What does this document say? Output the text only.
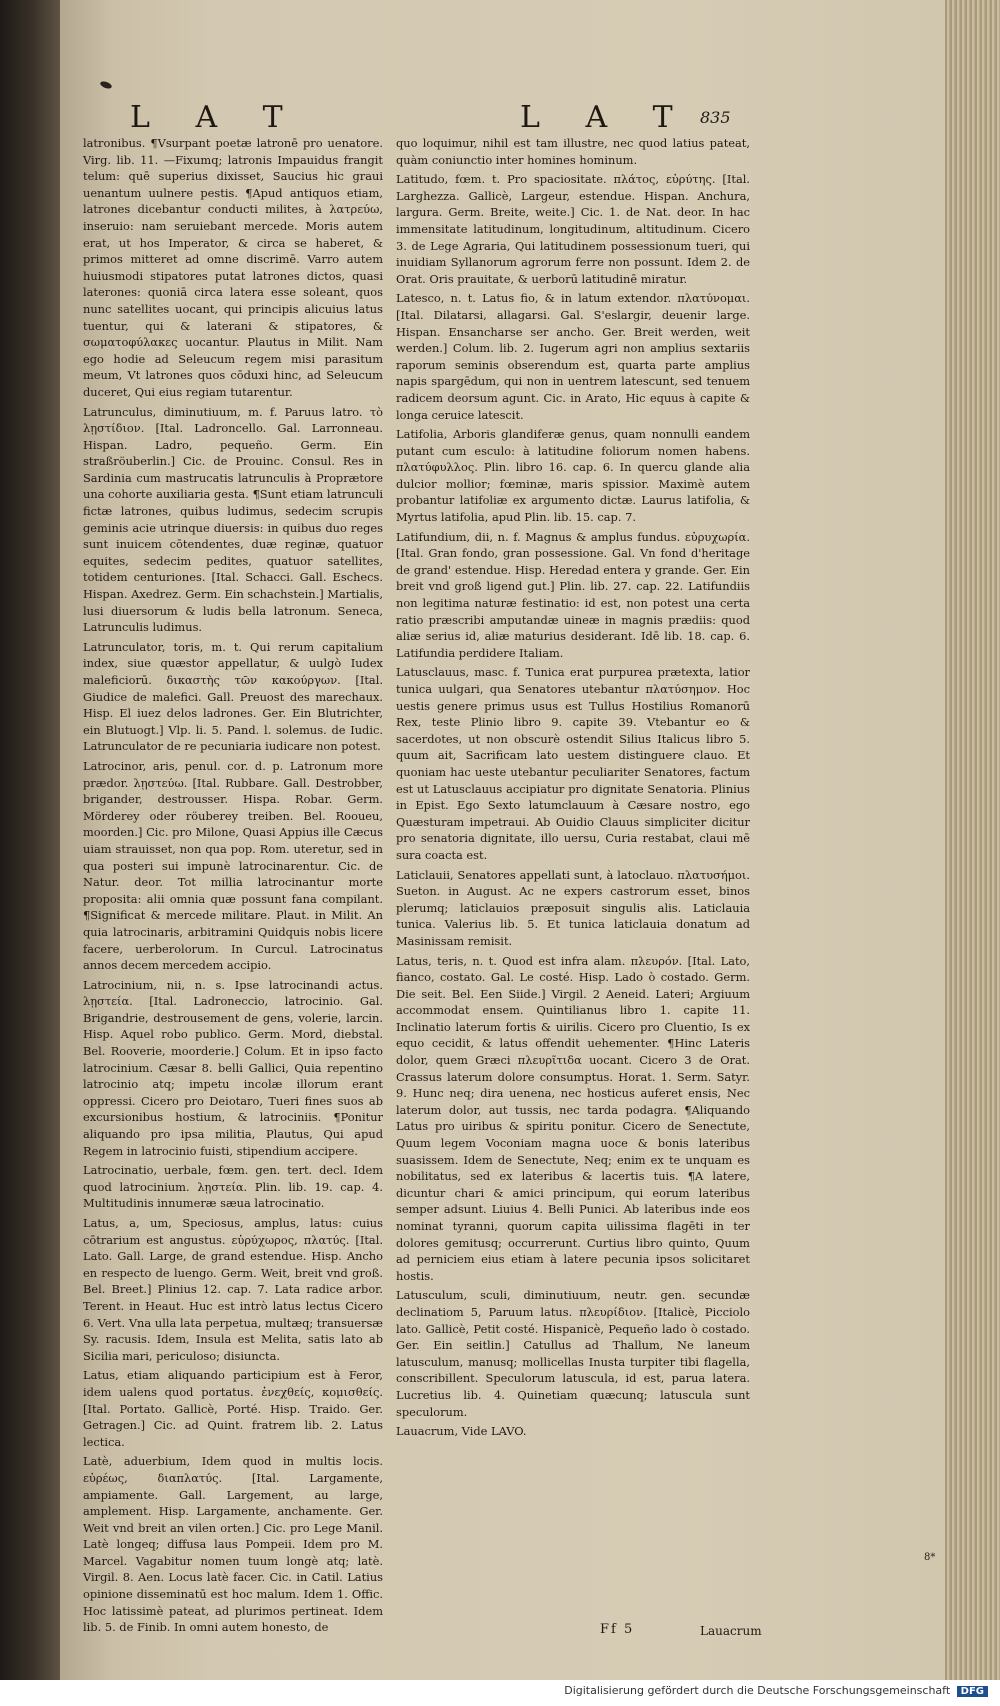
L A T	L A T 835

latronibus. ¶Vsurpant poetæ latronē pro uenatore. Virg. lib. 11. —Fixumq; latronis Impauidus frangit telum: quē superius dixisset, Saucius hic graui uenantum uulnere pestis. ¶Apud antiquos etiam, latrones dicebantur conducti milites, à λατρεύω, inseruio: nam seruiebant mercede. Moris autem erat, ut hos Imperator, & circa se haberet, & primos mitteret ad omne discrimē. Varro autem huiusmodi stipatores putat latrones dictos, quasi laterones: quoniā circa latera esse soleant, quos nunc satellites uocant, qui principis alicuius latus tuentur, qui & laterani & stipatores, & σωματοφύλακες uocantur. Plautus in Milit. Nam ego hodie ad Seleucum regem misi parasitum meum, Vt latrones quos cōduxi hinc, ad Seleucum duceret, Qui eius regiam tutarentur.

Latrunculus, diminutiuum, m. f. Paruus latro. τὸ λῃστίδιον. [Ital. Ladroncello. Gal. Larronneau. Hispan. Ladro, pequeño. Germ. Ein straßröuberlin.] Cic. de Prouinc. Consul. Res in Sardinia cum mastrucatis latrunculis à Proprætore una cohorte auxiliaria gesta. ¶Sunt etiam latrunculi fictæ latrones, quibus ludimus, sedecim scrupis geminis acie utrinque diuersis: in quibus duo reges sunt inuicem cōtendentes, duæ reginæ, quatuor equites, sedecim pedites, quatuor satellites, totidem centuriones. [Ital. Schacci. Gall. Eschecs. Hispan. Axedrez. Germ. Ein schachstein.] Martialis, lusi diuersorum & ludis bella latronum. Seneca, Latrunculis ludimus.

Latrunculator, toris, m. t. Qui rerum capitalium index, siue quæstor appellatur, & uulgò Iudex maleficiorū. δικαστὴς τῶν κακούργων. [Ital. Giudice de malefici. Gall. Preuost des marechaux. Hisp. El iuez delos ladrones. Ger. Ein Blutrichter, ein Blutuogt.] Vlp. li. 5. Pand. l. solemus. de Iudic. Latrunculator de re pecuniaria iudicare non potest.

Latrocinor, aris, penul. cor. d. p. Latronum more prædor. λῃστεύω. [Ital. Rubbare. Gall. Destrobber, brigander, destrousser. Hispa. Robar. Germ. Mörderey oder röuberey treiben. Bel. Rooueu, moorden.] Cic. pro Milone, Quasi Appius ille Cæcus uiam strauisset, non qua pop. Rom. uteretur, sed in qua posteri sui impunè latrocinarentur. Cic. de Natur. deor. Tot millia latrocinantur morte proposita: alii omnia quæ possunt fana compilant. ¶Significat & mercede militare. Plaut. in Milit. An quia latrocinaris, arbitramini Quidquis nobis licere facere, uerberolorum. In Curcul. Latrocinatus annos decem mercedem accipio.

Latrocinium, nii, n. s. Ipse latrocinandi actus. λῃστεία. [Ital. Ladroneccio, latrocinio. Gal. Brigandrie, destrousement de gens, volerie, larcin. Hisp. Aquel robo publico. Germ. Mord, diebstal. Bel. Rooverie, moorderie.] Colum. Et in ipso facto latrocinium. Cæsar 8. belli Gallici, Quia repentino latrocinio atq; impetu incolæ illorum erant oppressi. Cicero pro Deiotaro, Tueri fines suos ab excursionibus hostium, & latrociniis. ¶Ponitur aliquando pro ipsa militia, Plautus, Qui apud Regem in latrocinio fuisti, stipendium accipere.

Latrocinatio, uerbale, fœm. gen. tert. decl. Idem quod latrocinium. λῃστεία. Plin. lib. 19. cap. 4. Multitudinis innumeræ sæua latrocinatio.

Latus, a, um, Speciosus, amplus, latus: cuius cōtrarium est angustus. εὐρύχωρος, πλατύς. [Ital. Lato. Gall. Large, de grand estendue. Hisp. Ancho en respecto de luengo. Germ. Weit, breit vnd groß. Bel. Breet.] Plinius 12. cap. 7. Lata radice arbor. Terent. in Heaut. Huc est intrò latus lectus Cicero 6. Vert. Vna ulla lata perpetua, multæq; transuersæ Sy. racusis. Idem, Insula est Melita, satis lato ab Sicilia mari, periculoso; disiuncta.

Latus, etiam aliquando participium est à Feror, idem ualens quod portatus. ἐνεχθείς, κομισθείς. [Ital. Portato. Gallicè, Porté. Hisp. Traido. Ger. Getragen.] Cic. ad Quint. fratrem lib. 2. Latus lectica.

Latè, aduerbium, Idem quod in multis locis. εὐρέως, διαπλατύς. [Ital. Largamente, ampiamente. Gall. Largement, au large, amplement. Hisp. Largamente, anchamente. Ger. Weit vnd breit an vilen orten.] Cic. pro Lege Manil. Latè longeq; diffusa laus Pompeii. Idem pro M. Marcel. Vagabitur nomen tuum longè atq; latè. Virgil. 8. Aen. Locus latè facer. Cic. in Catil. Latius opinione disseminatū est hoc malum. Idem 1. Offic. Hoc latissimè pateat, ad plurimos pertineat. Idem lib. 5. de Finib. In omni autem honesto, de

quo loquimur, nihil est tam illustre, nec quod latius pateat, quàm coniunctio inter homines hominum.

Latitudo, fœm. t. Pro spaciositate. πλάτος, εὐρύτης. [Ital. Larghezza. Gallicè, Largeur, estendue. Hispan. Anchura, largura. Germ. Breite, weite.] Cic. 1. de Nat. deor. In hac immensitate latitudinum, longitudinum, altitudinum. Cicero 3. de Lege Agraria, Qui latitudinem possessionum tueri, qui inuidiam Syllanorum agrorum ferre non possunt. Idem 2. de Orat. Oris prauitate, & uerborū latitudinē miratur.

Latesco, n. t. Latus fio, & in latum extendor. πλατύνομαι. [Ital. Dilatarsi, allagarsi. Gal. S'eslargir, deuenir large. Hispan. Ensancharse ser ancho. Ger. Breit werden, weit werden.] Colum. lib. 2. Iugerum agri non amplius sextariis raporum seminis obserendum est, quarta parte amplius napis spargēdum, qui non in uentrem latescunt, sed tenuem radicem deorsum agunt. Cic. in Arato, Hic equus à capite & longa ceruice latescit.

Latifolia, Arboris glandiferæ genus, quam nonnulli eandem putant cum esculo: à latitudine foliorum nomen habens. πλατύφυλλος. Plin. libro 16. cap. 6. In quercu glande alia dulcior mollior; fœminæ, maris spissior. Maximè autem probantur latifoliæ ex argumento dictæ. Laurus latifolia, & Myrtus latifolia, apud Plin. lib. 15. cap. 7.

Latifundium, dii, n. f. Magnus & amplus fundus. εὐρυχωρία. [Ital. Gran fondo, gran possessione. Gal. Vn fond d'heritage de grand' estendue. Hisp. Heredad entera y grande. Ger. Ein breit vnd groß ligend gut.] Plin. lib. 27. cap. 22. Latifundiis non legitima naturæ festinatio: id est, non potest una certa ratio præscribi amputandæ uineæ in magnis prædiis: quod aliæ serius id, aliæ maturius desiderant. Idē lib. 18. cap. 6. Latifundia perdidere Italiam.

Latusclauus, masc. f. Tunica erat purpurea prætexta, latior tunica uulgari, qua Senatores utebantur πλατύσημον. Hoc uestis genere primus usus est Tullus Hostilius Romanorū Rex, teste Plinio libro 9. capite 39. Vtebantur eo & sacerdotes, ut non obscurè ostendit Silius Italicus libro 5. quum ait, Sacrificam lato uestem distinguere clauo. Et quoniam hac ueste utebantur peculiariter Senatores, factum est ut Latusclauus accipiatur pro dignitate Senatoria. Plinius in Epist. Ego Sexto latumclauum à Cæsare nostro, ego Quæsturam impetraui. Ab Ouidio Clauus simpliciter dicitur pro senatoria dignitate, illo uersu, Curia restabat, claui mē sura coacta est.

Laticlauii, Senatores appellati sunt, à latoclauo. πλατυσήμοι. Sueton. in August. Ac ne expers castrorum esset, binos plerumq; laticlauios præposuit singulis alis. Laticlauia tunica. Valerius lib. 5. Et tunica laticlauia donatum ad Masinissam remisit.

Latus, teris, n. t. Quod est infra alam. πλευρόν. [Ital. Lato, fianco, costato. Gal. Le costé. Hisp. Lado ò costado. Germ. Die seit. Bel. Een Siide.] Virgil. 2 Aeneid. Lateri; Argiuum accommodat ensem. Quintilianus libro 1. capite 11. Inclinatio laterum fortis & uirilis. Cicero pro Cluentio, Is ex equo cecidit, & latus offendit uehementer. ¶Hinc Lateris dolor, quem Græci πλευρῖτιδα uocant. Cicero 3 de Orat. Crassus laterum dolore consumptus. Horat. 1. Serm. Satyr. 9. Hunc neq; dira uenena, nec hosticus auferet ensis, Nec laterum dolor, aut tussis, nec tarda podagra. ¶Aliquando Latus pro uiribus & spiritu ponitur. Cicero de Senectute, Quum legem Voconiam magna uoce & bonis lateribus suasissem. Idem de Senectute, Neq; enim ex te unquam es nobilitatus, sed ex lateribus & lacertis tuis. ¶A latere, dicuntur chari & amici principum, qui eorum lateribus semper adsunt. Liuius 4. Belli Punici. Ab lateribus inde eos nominat tyranni, quorum capita uilissima flagēti in ter dolores gemitusq; occurrerunt. Curtius libro quinto, Quum ad perniciem eius etiam à latere pecunia ipsos solicitaret hostis.

Latusculum, sculi, diminutiuum, neutr. gen. secundæ declinatiom 5, Paruum latus. πλευρίδιον. [Italicè, Picciolo lato. Gallicè, Petit costé. Hispanicè, Pequeño lado ò costado. Ger. Ein seitlin.] Catullus ad Thallum, Ne laneum latusculum, manusq; mollicellas Inusta turpiter tibi flagella, conscribillent. Speculorum latuscula, id est, parua latera. Lucretius lib. 4. Quinetiam quæcunq; latuscula sunt speculorum.

Lauacrum, Vide LAVO.

Ff 5	Lauacrum
8*
Digitalisierung gefördert durch die Deutsche Forschungsgemeinschaft DFG
